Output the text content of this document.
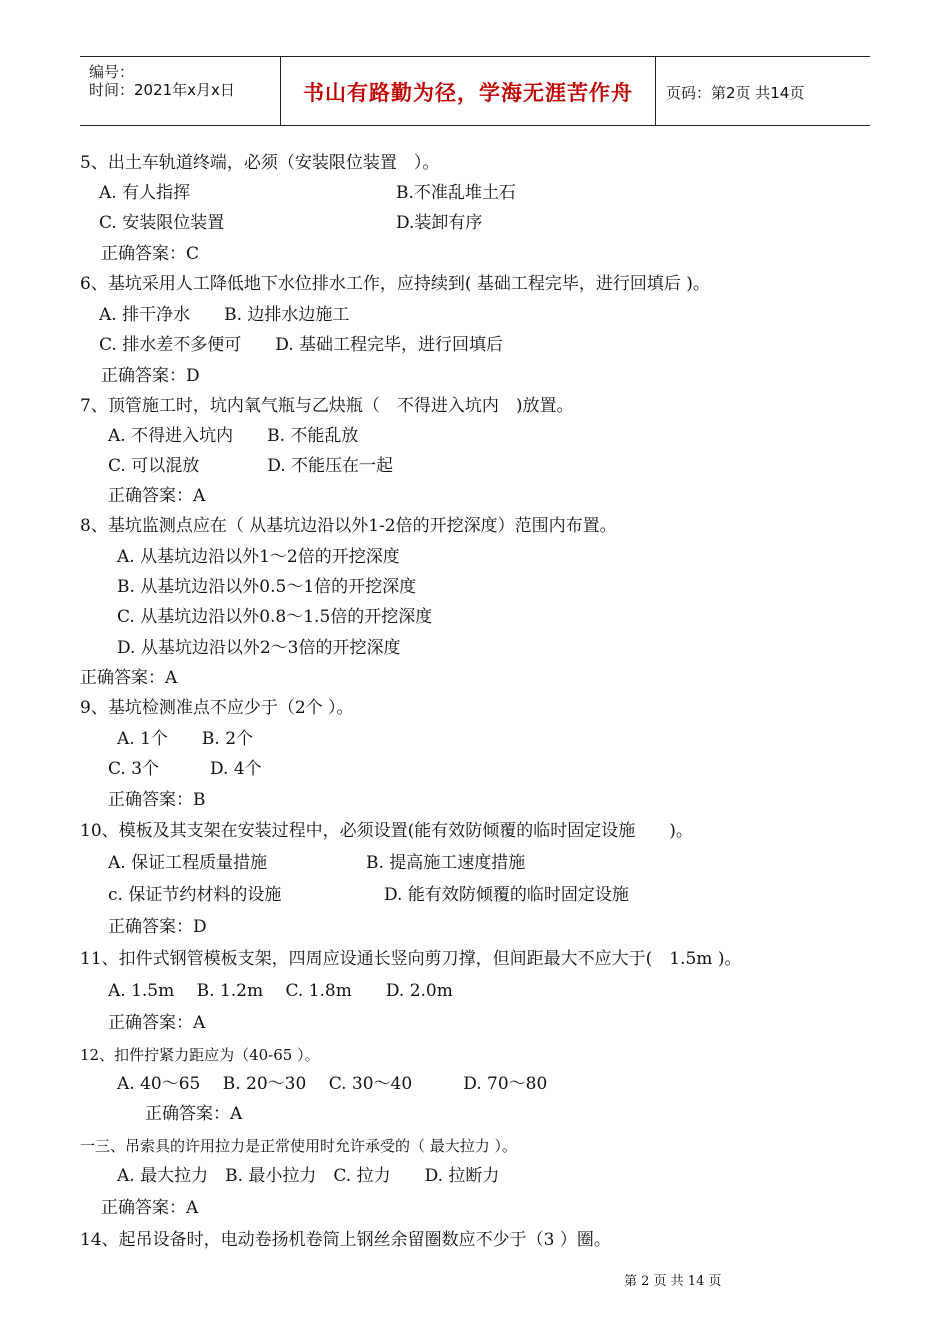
编号：
时间：2021年x月x日	书山有路勤为径，学海无涯苦作舟	页码：第2页 共14页
5、出土车轨道终端，必须（安装限位装置　）。
A. 有人指挥	B.不准乱堆土石
C. 安装限位装置	D.装卸有序
正确答案：C
6、基坑采用人工降低地下水位排水工作，应持续到( 基础工程完毕，进行回填后 )。
A. 排干净水　　B. 边排水边施工
C. 排水差不多便可　　D. 基础工程完毕，进行回填后
正确答案：D
7、顶管施工时，坑内氧气瓶与乙炔瓶（　不得进入坑内　)放置。
A. 不得进入坑内　　B. 不能乱放
C. 可以混放　　　　D. 不能压在一起
正确答案：A
8、基坑监测点应在（ 从基坑边沿以外1-2倍的开挖深度）范围内布置。
A. 从基坑边沿以外1～2倍的开挖深度
B. 从基坑边沿以外0.5～1倍的开挖深度
C. 从基坑边沿以外0.8～1.5倍的开挖深度
D. 从基坑边沿以外2～3倍的开挖深度
正确答案：A
9、基坑检测准点不应少于（2个 ）。
A. 1个　　B. 2个
C. 3个　　　D. 4个
正确答案：B
10、模板及其支架在安装过程中，必须设置(能有效防倾覆的临时固定设施　　)。
A. 保证工程质量措施	B. 提高施工速度措施
c. 保证节约材料的设施	D. 能有效防倾覆的临时固定设施
正确答案：D
11、扣件式钢管模板支架，四周应设通长竖向剪刀撑，但间距最大不应大于(　1.5m )。
A. 1.5m　 B. 1.2m　 C. 1.8m　　D. 2.0m
正确答案：A
12、扣件拧紧力距应为（40-65 ）。
A. 40～65　 B. 20～30　 C. 30～40　　　D. 70～80
正确答案：A
一三、吊索具的许用拉力是正常使用时允许承受的（ 最大拉力 ）。
A. 最大拉力　B. 最小拉力　C. 拉力　　D. 拉断力
正确答案：A
14、起吊设备时，电动卷扬机卷筒上钢丝余留圈数应不少于（3 ）圈。
第 2 页 共 14 页
